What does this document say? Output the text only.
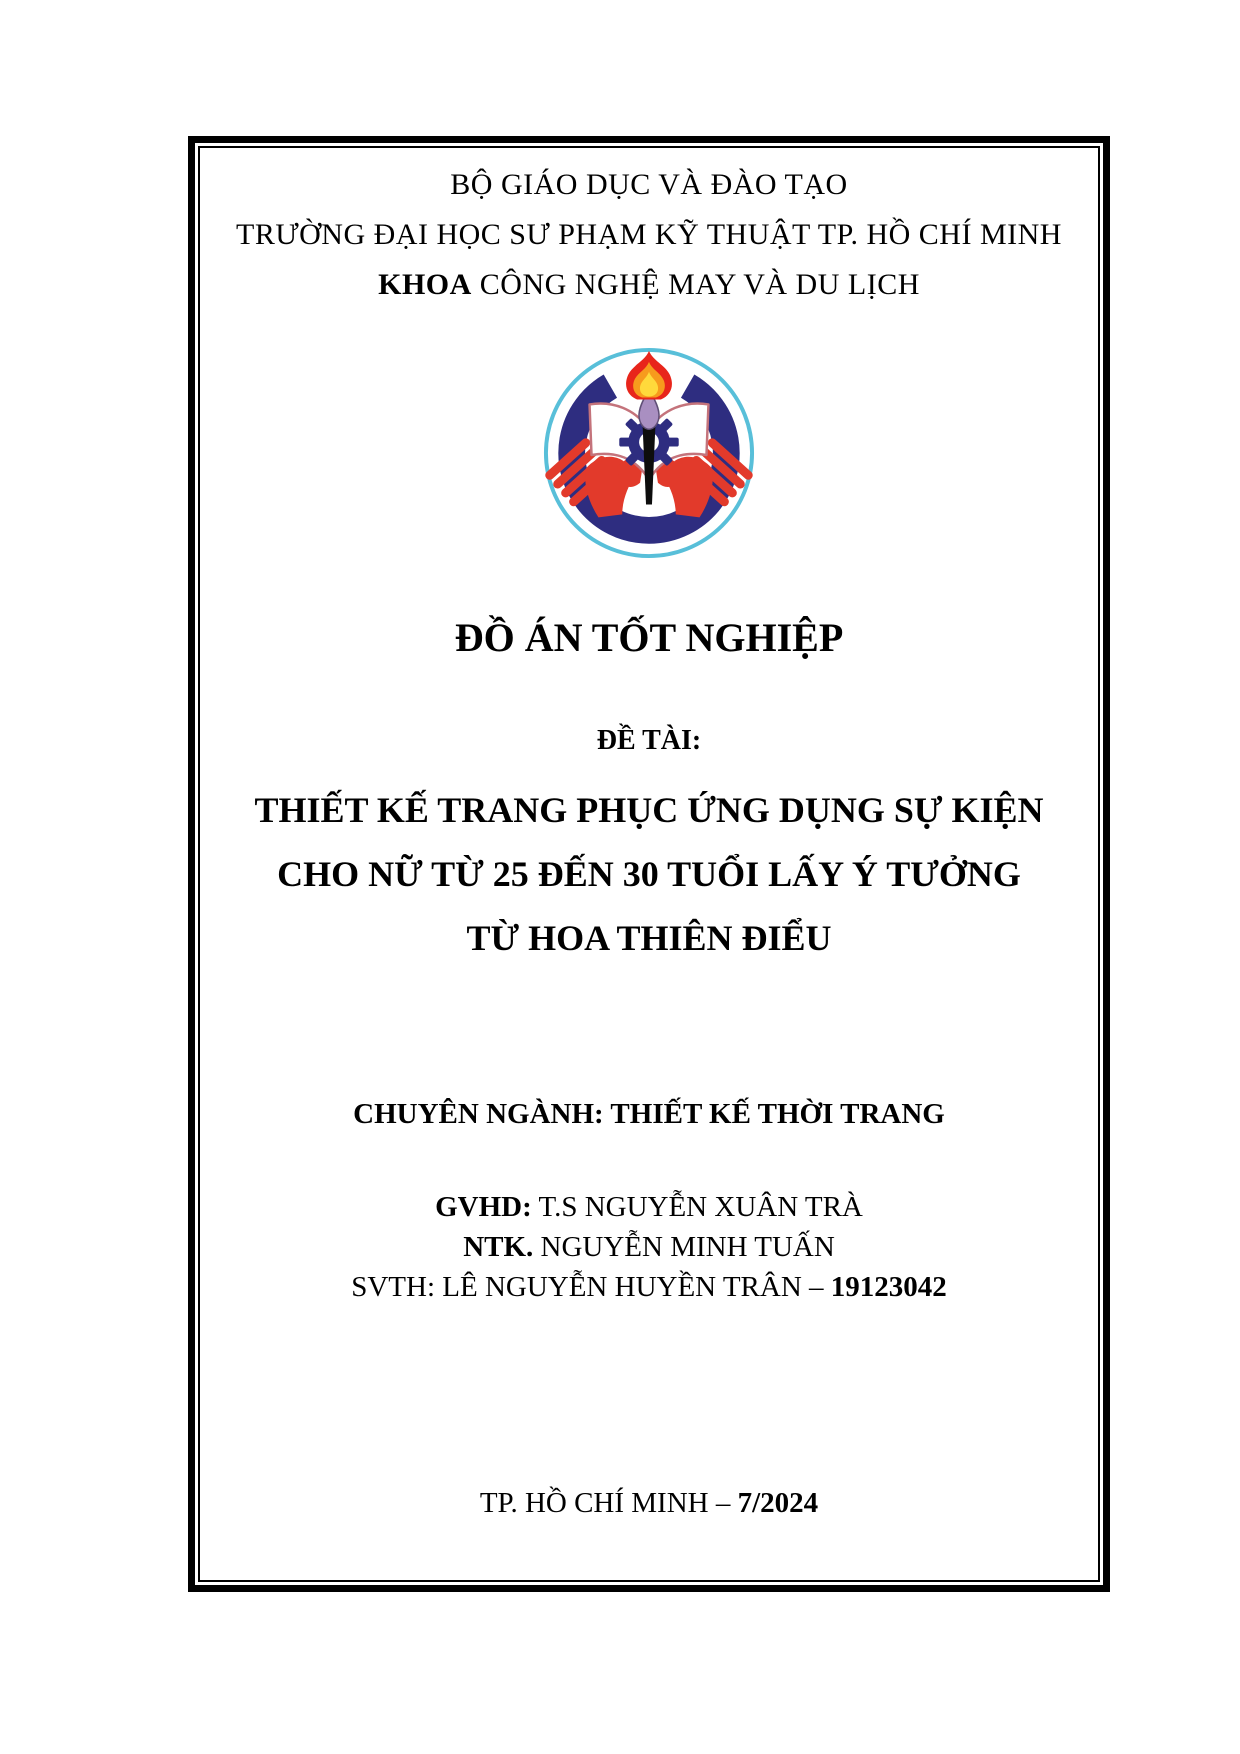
BỘ GIÁO DỤC VÀ ĐÀO TẠO
TRƯỜNG ĐẠI HỌC SƯ PHẠM KỸ THUẬT TP. HỒ CHÍ MINH
KHOA CÔNG NGHỆ MAY VÀ DU LỊCH
ĐỒ ÁN TỐT NGHIỆP
ĐỀ TÀI:
THIẾT KẾ TRANG PHỤC ỨNG DỤNG SỰ KIỆN
CHO NỮ TỪ 25 ĐẾN 30 TUỔI LẤY Ý TƯỞNG
TỪ HOA THIÊN ĐIỂU
CHUYÊN NGÀNH: THIẾT KẾ THỜI TRANG
GVHD: T.S NGUYỄN XUÂN TRÀ
NTK. NGUYỄN MINH TUẤN
SVTH: LÊ NGUYỄN HUYỀN TRÂN – 19123042
TP. HỒ CHÍ MINH – 7/2024
